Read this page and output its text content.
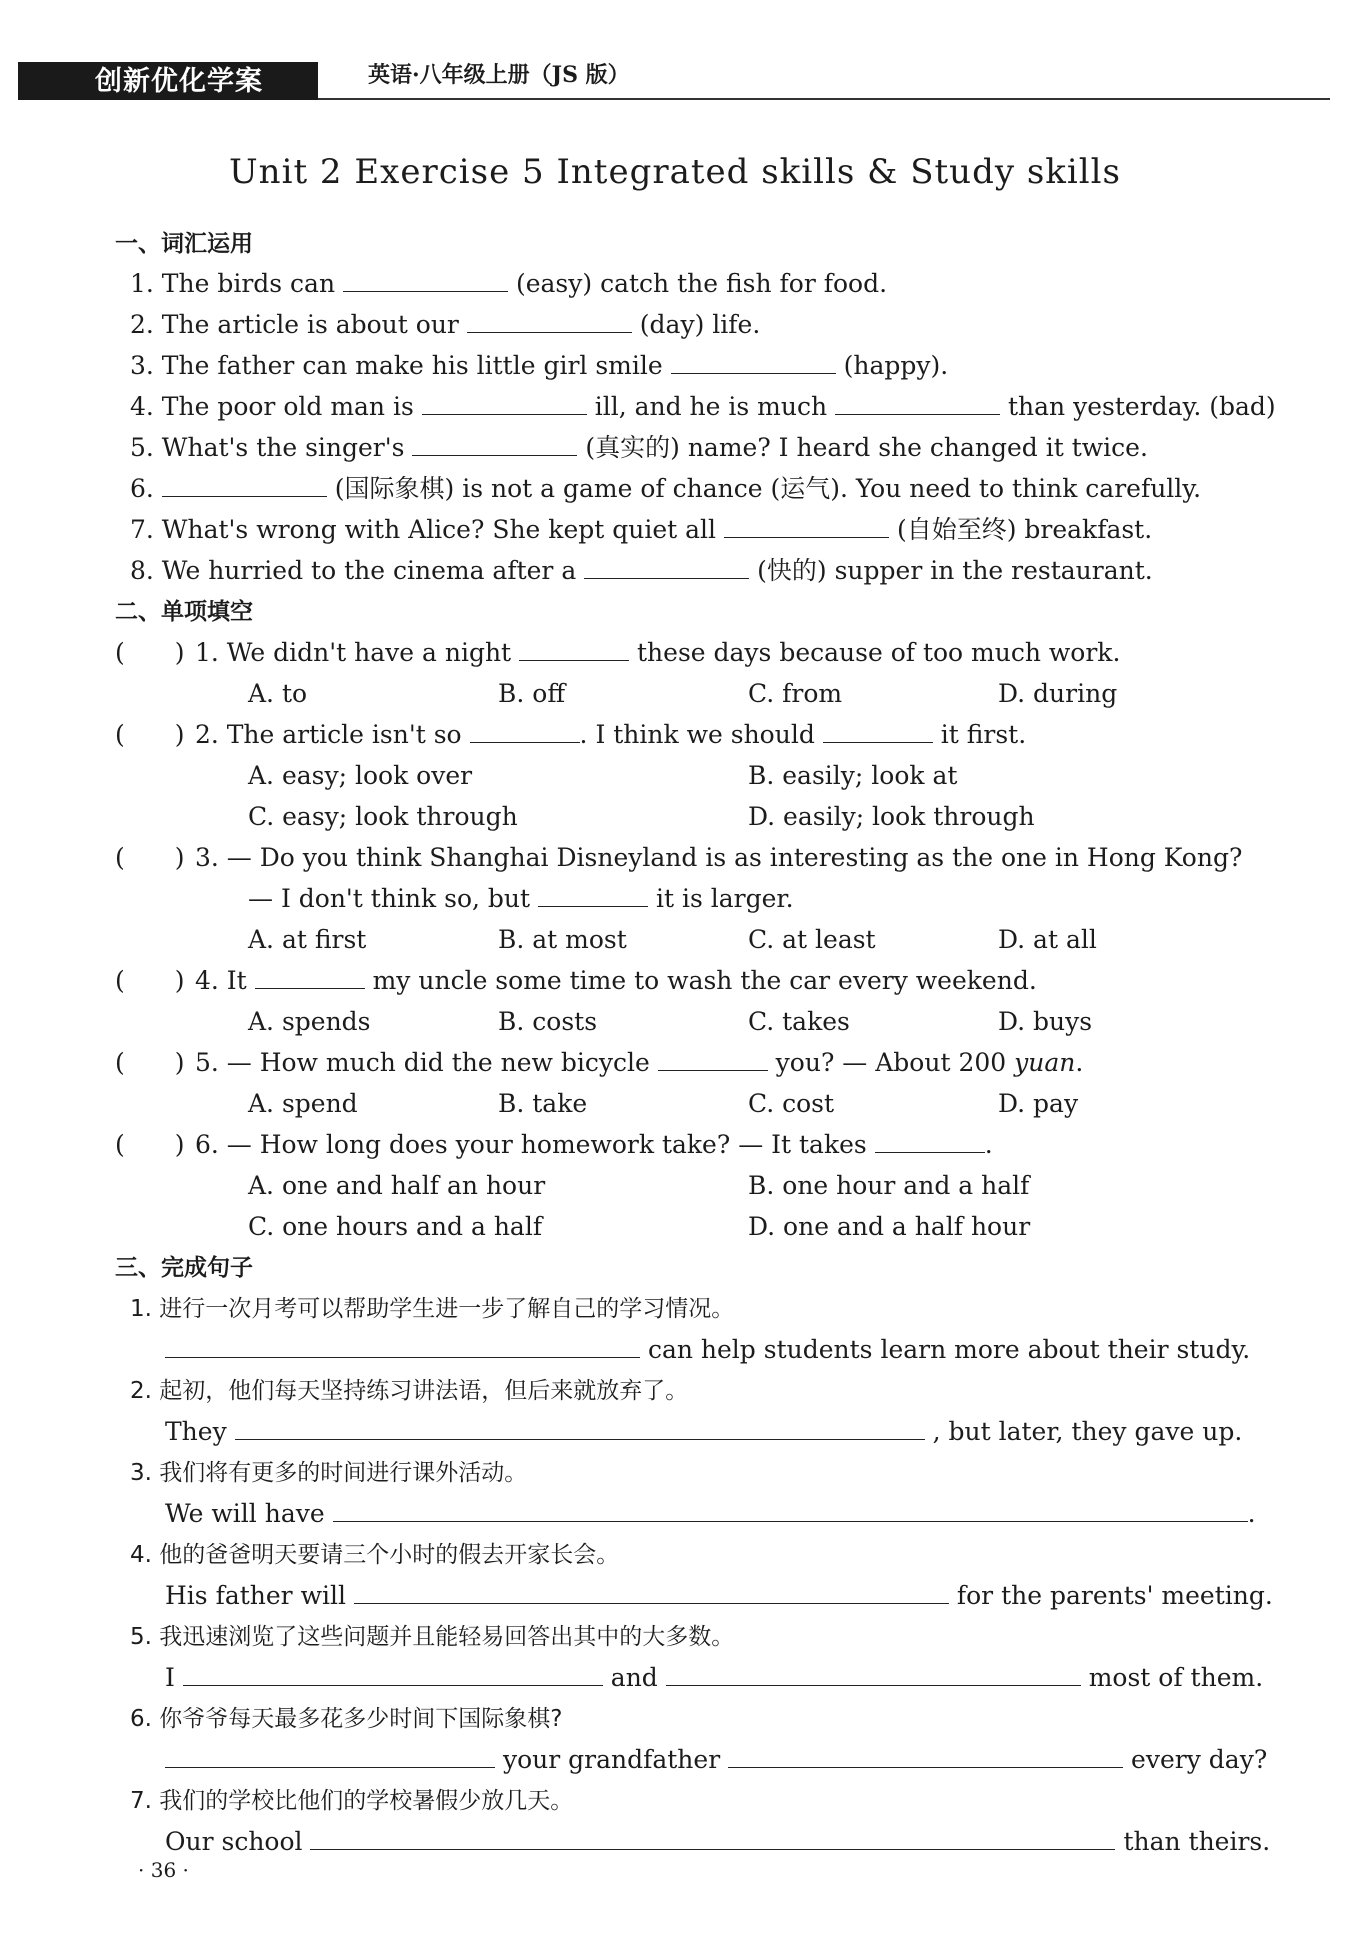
创新优化学案	英语·八年级上册（JS 版）
Unit 2 Exercise 5 Integrated skills & Study skills
一、词汇运用
1. The birds can	(easy) catch the fish for food.
2. The article is about our	(day) life.
3. The father can make his little girl smile	(happy).
4. The poor old man is	ill, and he is much	than yesterday. (bad)
5. What's the singer's	(真实的) name? I heard she changed it twice.
6.	(国际象棋) is not a game of chance (运气). You need to think carefully.
7. What's wrong with Alice? She kept quiet all	(自始至终) breakfast.
8. We hurried to the cinema after a	(快的) supper in the restaurant.
二、单项填空
( ) 1. We didn't have a night	these days because of too much work.
A. to	B. off	C. from	D. during
( ) 2. The article isn't so	. I think we should	it first.
A. easy; look over	B. easily; look at
C. easy; look through	D. easily; look through
( ) 3. — Do you think Shanghai Disneyland is as interesting as the one in Hong Kong?
— I don't think so, but	it is larger.
A. at first	B. at most	C. at least	D. at all
( ) 4. It	my uncle some time to wash the car every weekend.
A. spends	B. costs	C. takes	D. buys
( ) 5. — How much did the new bicycle	you? — About 200 yuan.
A. spend	B. take	C. cost	D. pay
( ) 6. — How long does your homework take? — It takes	.
A. one and half an hour	B. one hour and a half
C. one hours and a half	D. one and a half hour
三、完成句子
1. 进行一次月考可以帮助学生进一步了解自己的学习情况。
can help students learn more about their study.
2. 起初，他们每天坚持练习讲法语，但后来就放弃了。
They	, but later, they gave up.
3. 我们将有更多的时间进行课外活动。
We will have	.
4. 他的爸爸明天要请三个小时的假去开家长会。
His father will	for the parents' meeting.
5. 我迅速浏览了这些问题并且能轻易回答出其中的大多数。
I	and	most of them.
6. 你爷爷每天最多花多少时间下国际象棋?
your grandfather	every day?
7. 我们的学校比他们的学校暑假少放几天。
Our school	than theirs.
· 36 ·
